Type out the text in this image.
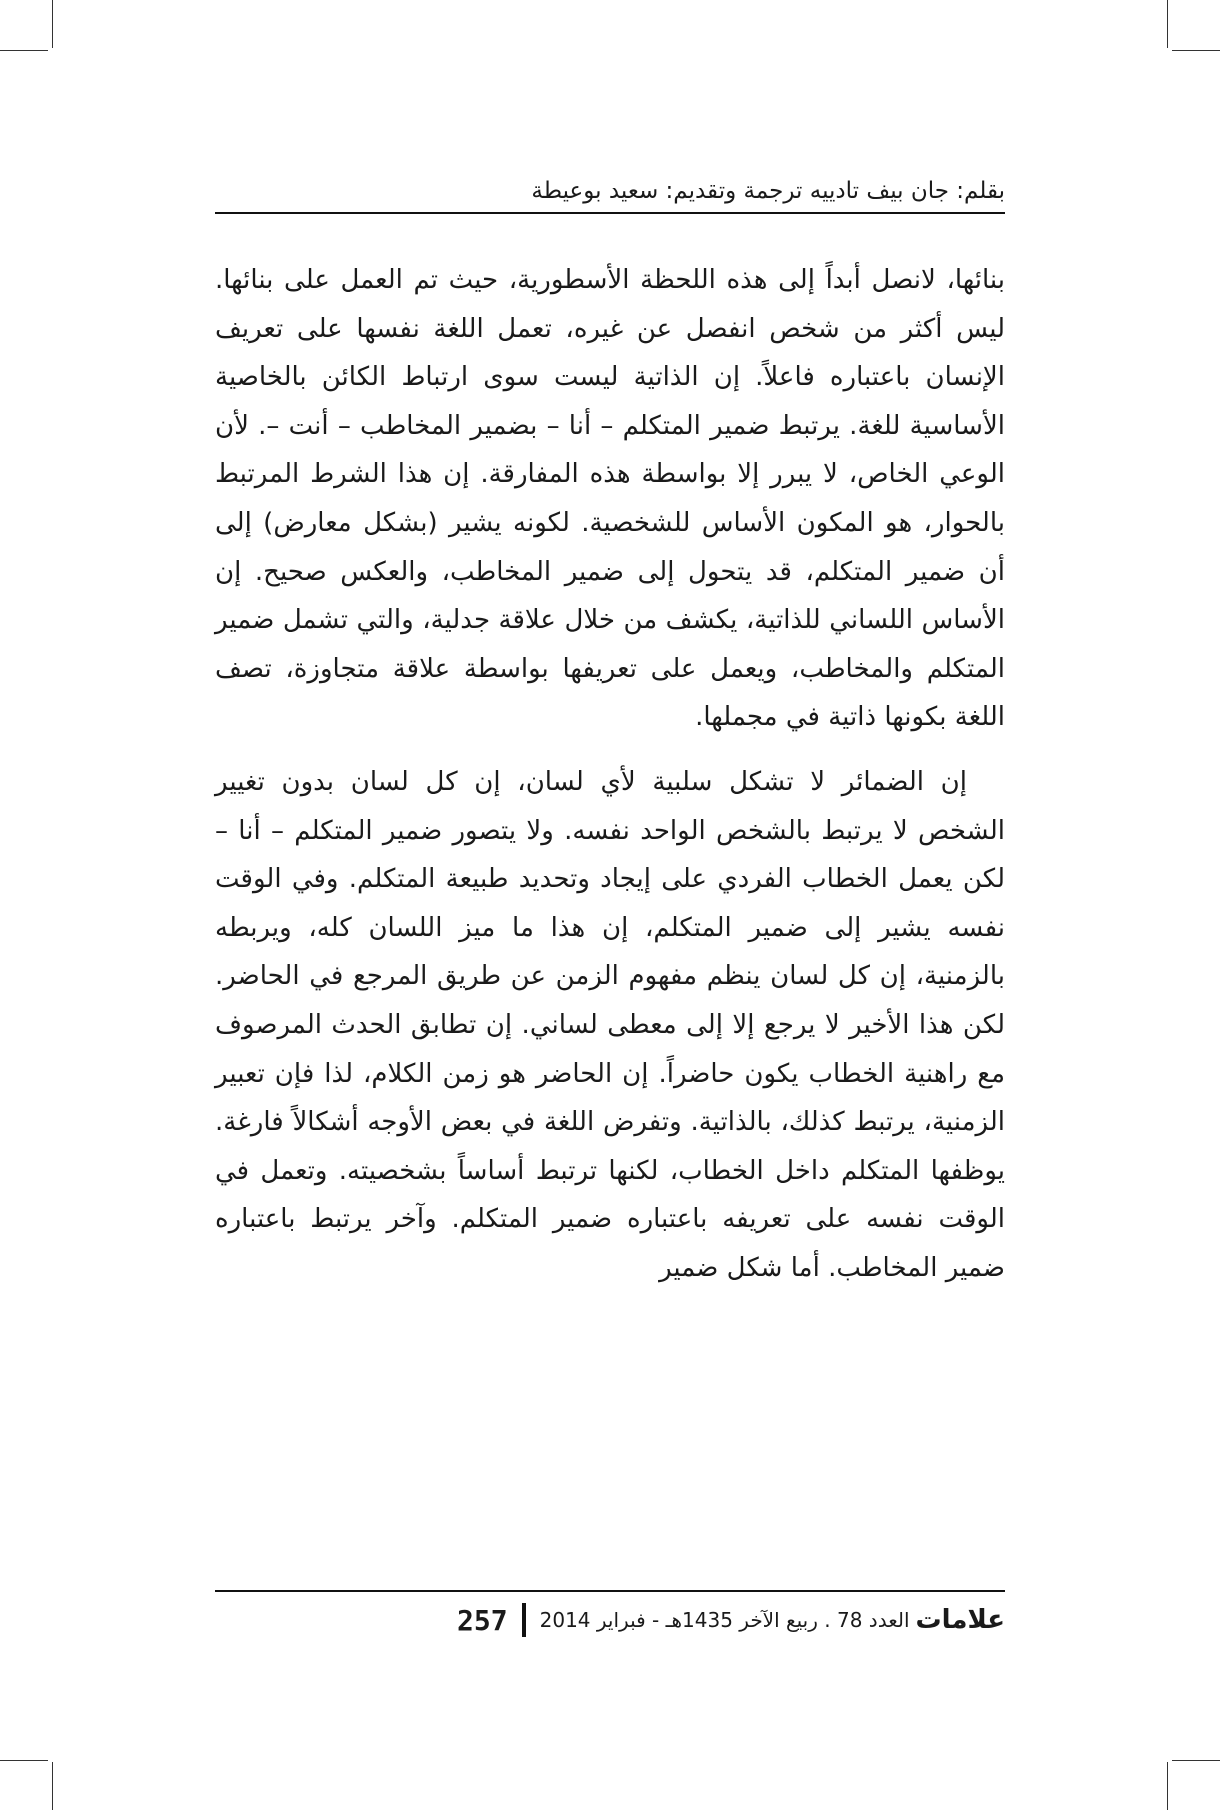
بقلم: جان بيف تادييه ترجمة وتقديم: سعيد بوعيطة

بنائها، لانصل أبداً إلى هذه اللحظة الأسطورية، حيث تم العمل على بنائها. ليس أكثر من شخص انفصل عن غيره، تعمل اللغة نفسها على تعريف الإنسان باعتباره فاعلاً. إن الذاتية ليست سوى ارتباط الكائن بالخاصية الأساسية للغة. يرتبط ضمير المتكلم – أنا – بضمير المخاطب – أنت –. لأن الوعي الخاص، لا يبرر إلا بواسطة هذه المفارقة. إن هذا الشرط المرتبط بالحوار، هو المكون الأساس للشخصية. لكونه يشير (بشكل معارض) إلى أن ضمير المتكلم، قد يتحول إلى ضمير المخاطب، والعكس صحيح. إن الأساس اللساني للذاتية، يكشف من خلال علاقة جدلية، والتي تشمل ضمير المتكلم والمخاطب، ويعمل على تعريفها بواسطة علاقة متجاوزة، تصف اللغة بكونها ذاتية في مجملها.

إن الضمائر لا تشكل سلبية لأي لسان، إن كل لسان بدون تغيير الشخص لا يرتبط بالشخص الواحد نفسه. ولا يتصور ضمير المتكلم – أنا – لكن يعمل الخطاب الفردي على إيجاد وتحديد طبيعة المتكلم. وفي الوقت نفسه يشير إلى ضمير المتكلم، إن هذا ما ميز اللسان كله، ويربطه بالزمنية، إن كل لسان ينظم مفهوم الزمن عن طريق المرجع في الحاضر. لكن هذا الأخير لا يرجع إلا إلى معطى لساني. إن تطابق الحدث المرصوف مع راهنية الخطاب يكون حاضراً. إن الحاضر هو زمن الكلام، لذا فإن تعبير الزمنية، يرتبط كذلك، بالذاتية. وتفرض اللغة في بعض الأوجه أشكالاً فارغة. يوظفها المتكلم داخل الخطاب، لكنها ترتبط أساساً بشخصيته. وتعمل في الوقت نفسه على تعريفه باعتباره ضمير المتكلم. وآخر يرتبط باعتباره ضمير المخاطب. أما شكل ضمير

علامات
العدد 78 . ربيع الآخر 1435هـ - فبراير 2014
257
